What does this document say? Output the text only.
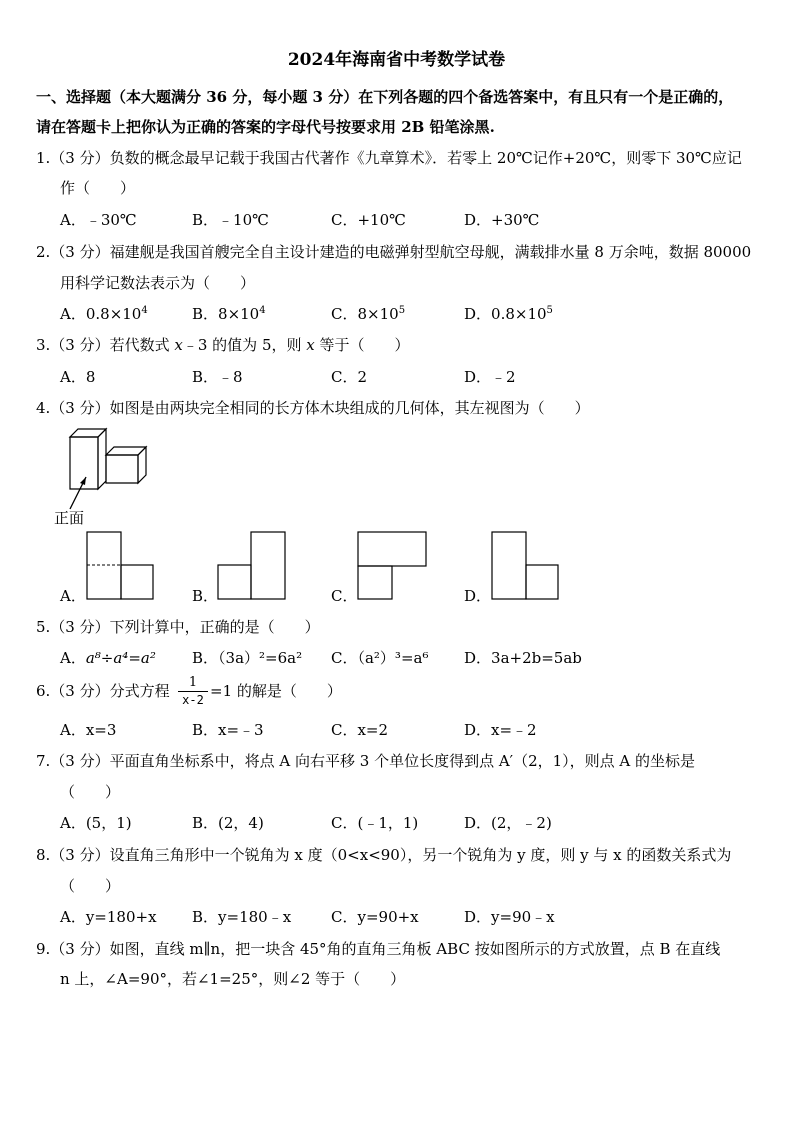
2024年海南省中考数学试卷
一、选择题（本大题满分 36 分，每小题 3 分）在下列各题的四个备选答案中，有且只有一个是正确的，
请在答题卡上把你认为正确的答案的字母代号按要求用 2B 铅笔涂黑.
1.（3 分）负数的概念最早记载于我国古代著作《九章算术》．若零上 20℃记作+20℃，则零下 30℃应记
作（　　）
A．﹣30℃	B．﹣10℃	C．+10℃	D．+30℃
2.（3 分）福建舰是我国首艘完全自主设计建造的电磁弹射型航空母舰，满载排水量 8 万余吨，数据 80000
用科学记数法表示为（　　）
A．$0.8\times 10^4$	B．$8\times 10^4$	C．$8\times 10^5$	D．$0.8\times 10^5$
3.（3 分）若代数式 x﹣3 的值为 5，则 x 等于（　　）
A．8	B．﹣8	C．2	D．﹣2
4.（3 分）如图是由两块完全相同的长方体木块组成的几何体，其左视图为（　　）
正面
A．	B．	C．	D．
5.（3 分）下列计算中，正确的是（　　）
A．a⁸÷a⁴=a² B．（3a）²=6a² C．（a²）³=a⁶ D．3a+2b=5ab
6.（3 分）分式方程 $\frac{1}{x-2} =1$ 的解是（　　）
A．x=3	B．x=﹣3	C．x=2	D．x=﹣2
7.（3 分）平面直角坐标系中，将点 A 向右平移 3 个单位长度得到点 A′（2，1），则点 A 的坐标是
（　　）
A．(5，1)	B．(2，4)	C．(﹣1，1)	D．(2，﹣2)
8.（3 分）设直角三角形中一个锐角为 x 度（0<x<90），另一个锐角为 y 度，则 y 与 x 的函数关系式为
（　　）
A．y=180+x B．y=180﹣x	C．y=90+x	D．y=90﹣x
9.（3 分）如图，直线 m∥n，把一块含 45°角的直角三角板 ABC 按如图所示的方式放置，点 B 在直线
n 上，∠A=90°，若∠1=25°，则∠2 等于（　　）
